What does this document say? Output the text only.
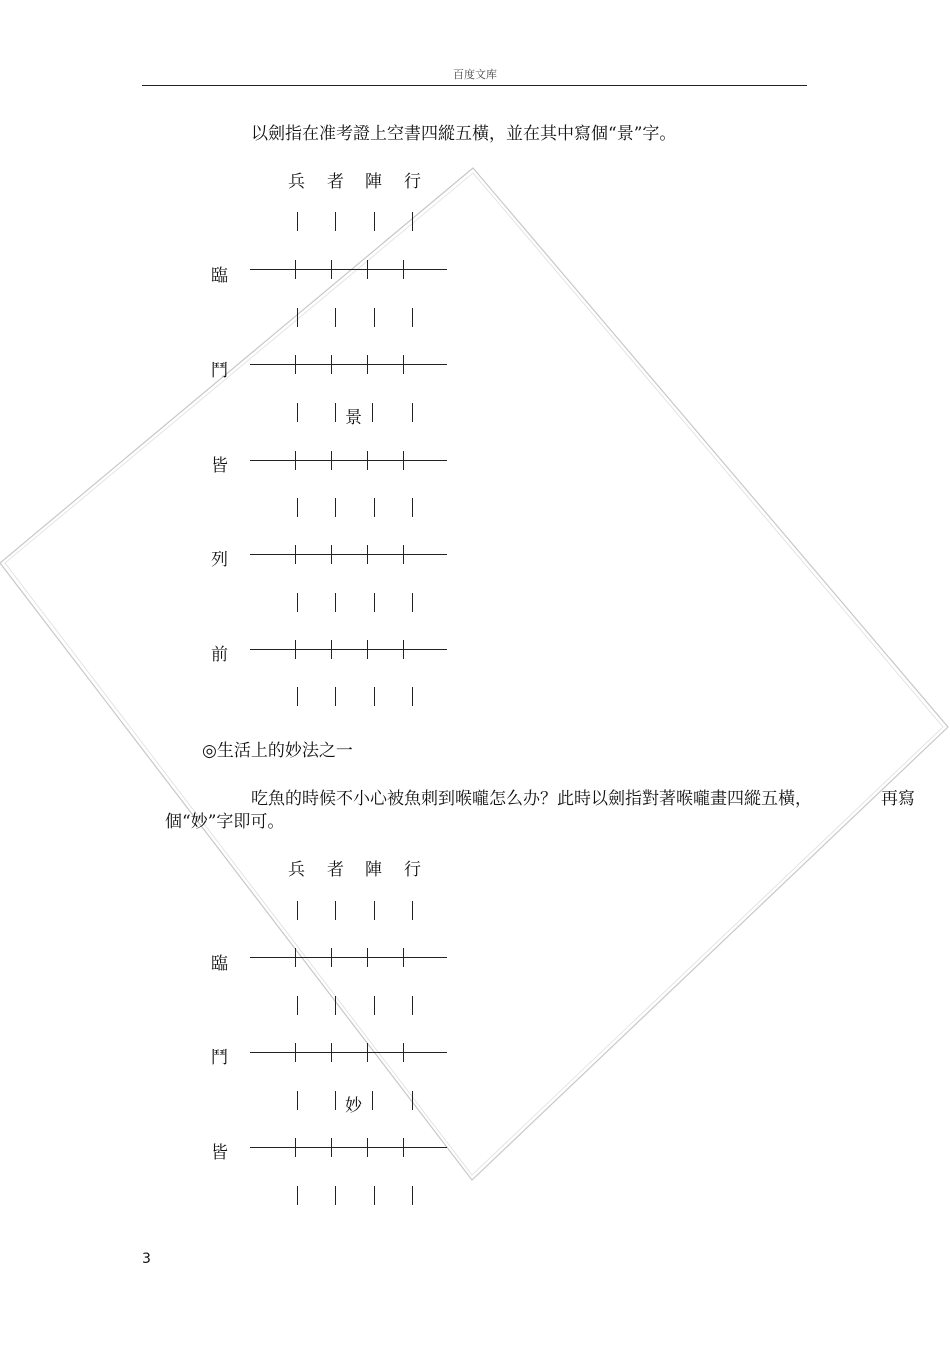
百度文库
以劍指在准考證上空書四縱五橫，並在其中寫個“景”字。
兵 者 陣 行
臨
鬥
皆
列
前
景
◎生活上的妙法之一
吃魚的時候不小心被魚刺到喉嚨怎么办？此時以劍指對著喉嚨畫四縱五橫，	再寫
個“妙”字即可。
兵 者 陣 行
臨
鬥
皆
妙
3
